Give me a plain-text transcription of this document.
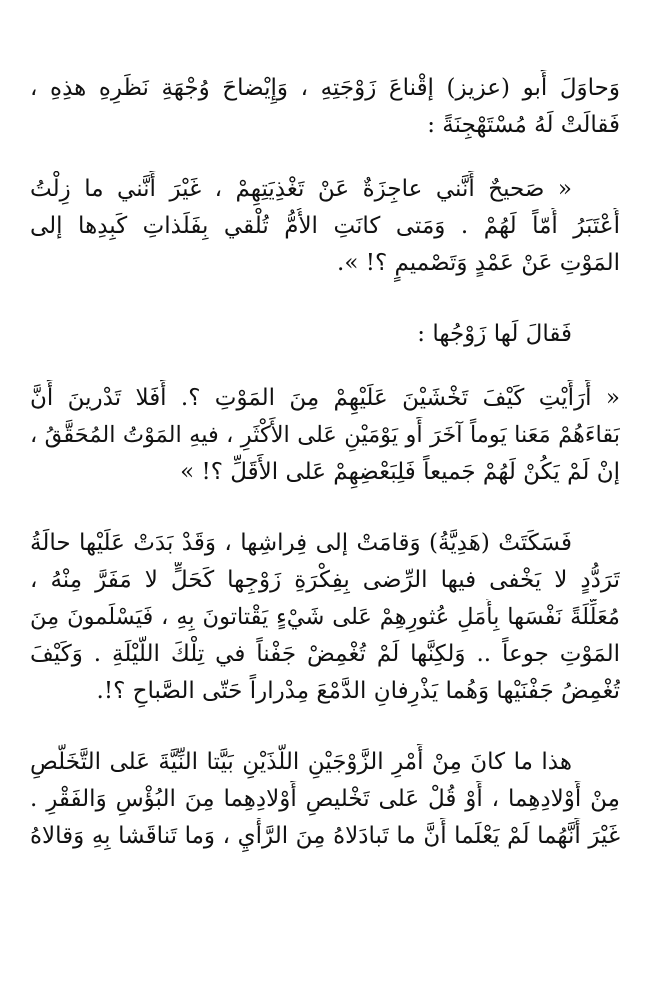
وَحاوَلَ أَبو (عزيز) إقْناعَ زَوْجَتِهِ ، وَإِيْضاحَ وُجْهَةِ نَظَرِهِ هذِهِ ،
فَقالَتْ لَهُ مُسْتَهْجِنَةً :
« صَحيحٌ أَنَّني عاجِزَةٌ عَنْ تَغْذِيَتِهِمْ ، غَيْرَ أَنَّني ما زِلْتُ
أُعْتَبَرُ أُمّاً لَهُمْ . وَمَتى كانَتِ الأُمُّ تُلْقي بِفَلَذاتِ كَبِدِها إلى
المَوْتِ عَنْ عَمْدٍ وَتَصْميمٍ ؟! ».
فَقالَ لَها زَوْجُها :
« أَرَأَيْتِ كَيْفَ تَخْشَيْنَ عَلَيْهِمْ مِنَ المَوْتِ ؟. أَفَلا تَدْرينَ أَنَّ
بَقاءَهُمْ مَعَنا يَوماً آخَرَ أَو يَوْمَيْنِ عَلى الأَكْثَرِ ، فيهِ المَوْتُ المُحَقَّقُ ،
إنْ لَمْ يَكُنْ لَهُمْ جَميعاً فَلِبَعْضِهِمْ عَلى الأَقَلِّ ؟! »
فَسَكَتَتْ (هَدِيَّةُ) وَقامَتْ إلى فِراشِها ، وَقَدْ بَدَتْ عَلَيْها حالَةُ
تَرَدُّدٍ لا يَخْفى فيها الرِّضى بِفِكْرَةِ زَوْجِها كَحَلٍّ لا مَفَرَّ مِنْهُ ،
مُعَلِّلَةً نَفْسَها بِأَمَلِ عُثورِهِمْ عَلى شَيْءٍ يَقْتاتونَ بِهِ ، فَيَسْلَمونَ مِنَ
المَوْتِ جوعاً .. وَلكِنَّها لَمْ تُغْمِضْ جَفْناً في تِلْكَ اللَّيْلَةِ . وَكَيْفَ
تُغْمِضُ جَفْنَيْها وَهُما يَذْرِفانِ الدَّمْعَ مِدْراراً حَتّى الصَّباحِ ؟!.
هذا ما كانَ مِنْ أَمْرِ الزَّوْجَيْنِ اللَّذَيْنِ بَيَّتا النِّيَّةَ عَلى التَّخَلُّصِ
مِنْ أَوْلادِهِما ، أَوْ قُلْ عَلى تَخْليصِ أَوْلادِهِما مِنَ البُؤْسِ وَالفَقْرِ .
غَيْرَ أَنَّهُما لَمْ يَعْلَما أَنَّ ما تَبادَلاهُ مِنَ الرَّأْيِ ، وَما تَناقَشا بِهِ وَقالاهُ
